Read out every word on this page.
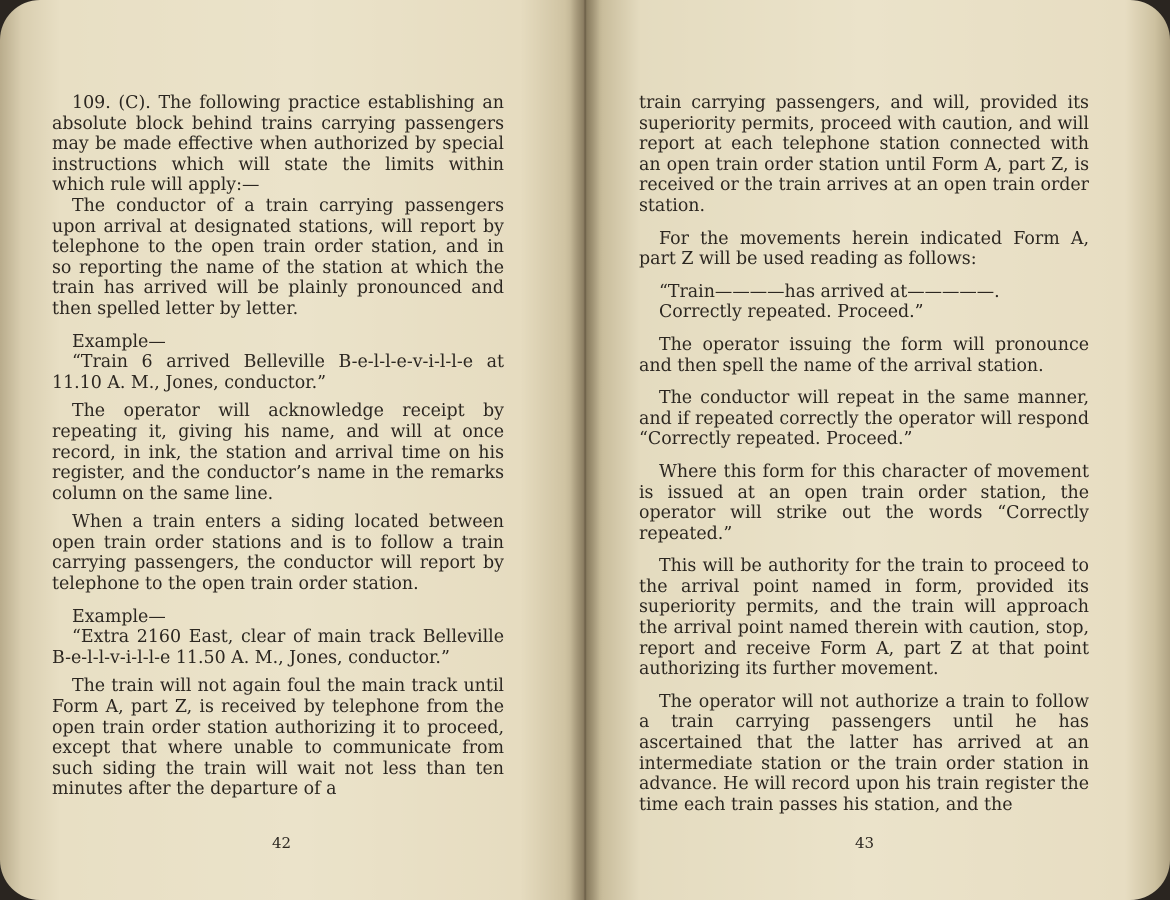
109. (C). The following practice establishing an absolute block behind trains carrying passengers may be made effective when authorized by special instructions which will state the limits within which rule will apply:—

The conductor of a train carrying passengers upon arrival at designated stations, will report by telephone to the open train order station, and in so reporting the name of the station at which the train has arrived will be plainly pronounced and then spelled letter by letter.

Example—

“Train 6 arrived Belleville B-e-l-l-e-v-i-l-l-e at 11.10 A. M., Jones, conductor.”

The operator will acknowledge receipt by repeating it, giving his name, and will at once record, in ink, the station and arrival time on his register, and the conductor’s name in the remarks column on the same line.

When a train enters a siding located between open train order stations and is to follow a train carrying passengers, the conductor will report by telephone to the open train order station.

Example—

“Extra 2160 East, clear of main track Belleville B-e-l-l-v-i-l-l-e 11.50 A. M., Jones, conductor.”

The train will not again foul the main track until Form A, part Z, is received by telephone from the open train order station authorizing it to proceed, except that where unable to communicate from such siding the train will wait not less than ten minutes after the departure of a

42

train carrying passengers, and will, provided its superiority permits, proceed with caution, and will report at each telephone station connected with an open train order station until Form A, part Z, is received or the train arrives at an open train order station.

For the movements herein indicated Form A, part Z will be used reading as follows:

“Train————has arrived at—————.

Correctly repeated. Proceed.”

The operator issuing the form will pronounce and then spell the name of the arrival station.

The conductor will repeat in the same manner, and if repeated correctly the operator will respond “Correctly repeated. Proceed.”

Where this form for this character of movement is issued at an open train order station, the operator will strike out the words “Correctly repeated.”

This will be authority for the train to proceed to the arrival point named in form, provided its superiority permits, and the train will approach the arrival point named therein with caution, stop, report and receive Form A, part Z at that point authorizing its further movement.

The operator will not authorize a train to follow a train carrying passengers until he has ascertained that the latter has arrived at an intermediate station or the train order station in advance. He will record upon his train register the time each train passes his station, and the

43
